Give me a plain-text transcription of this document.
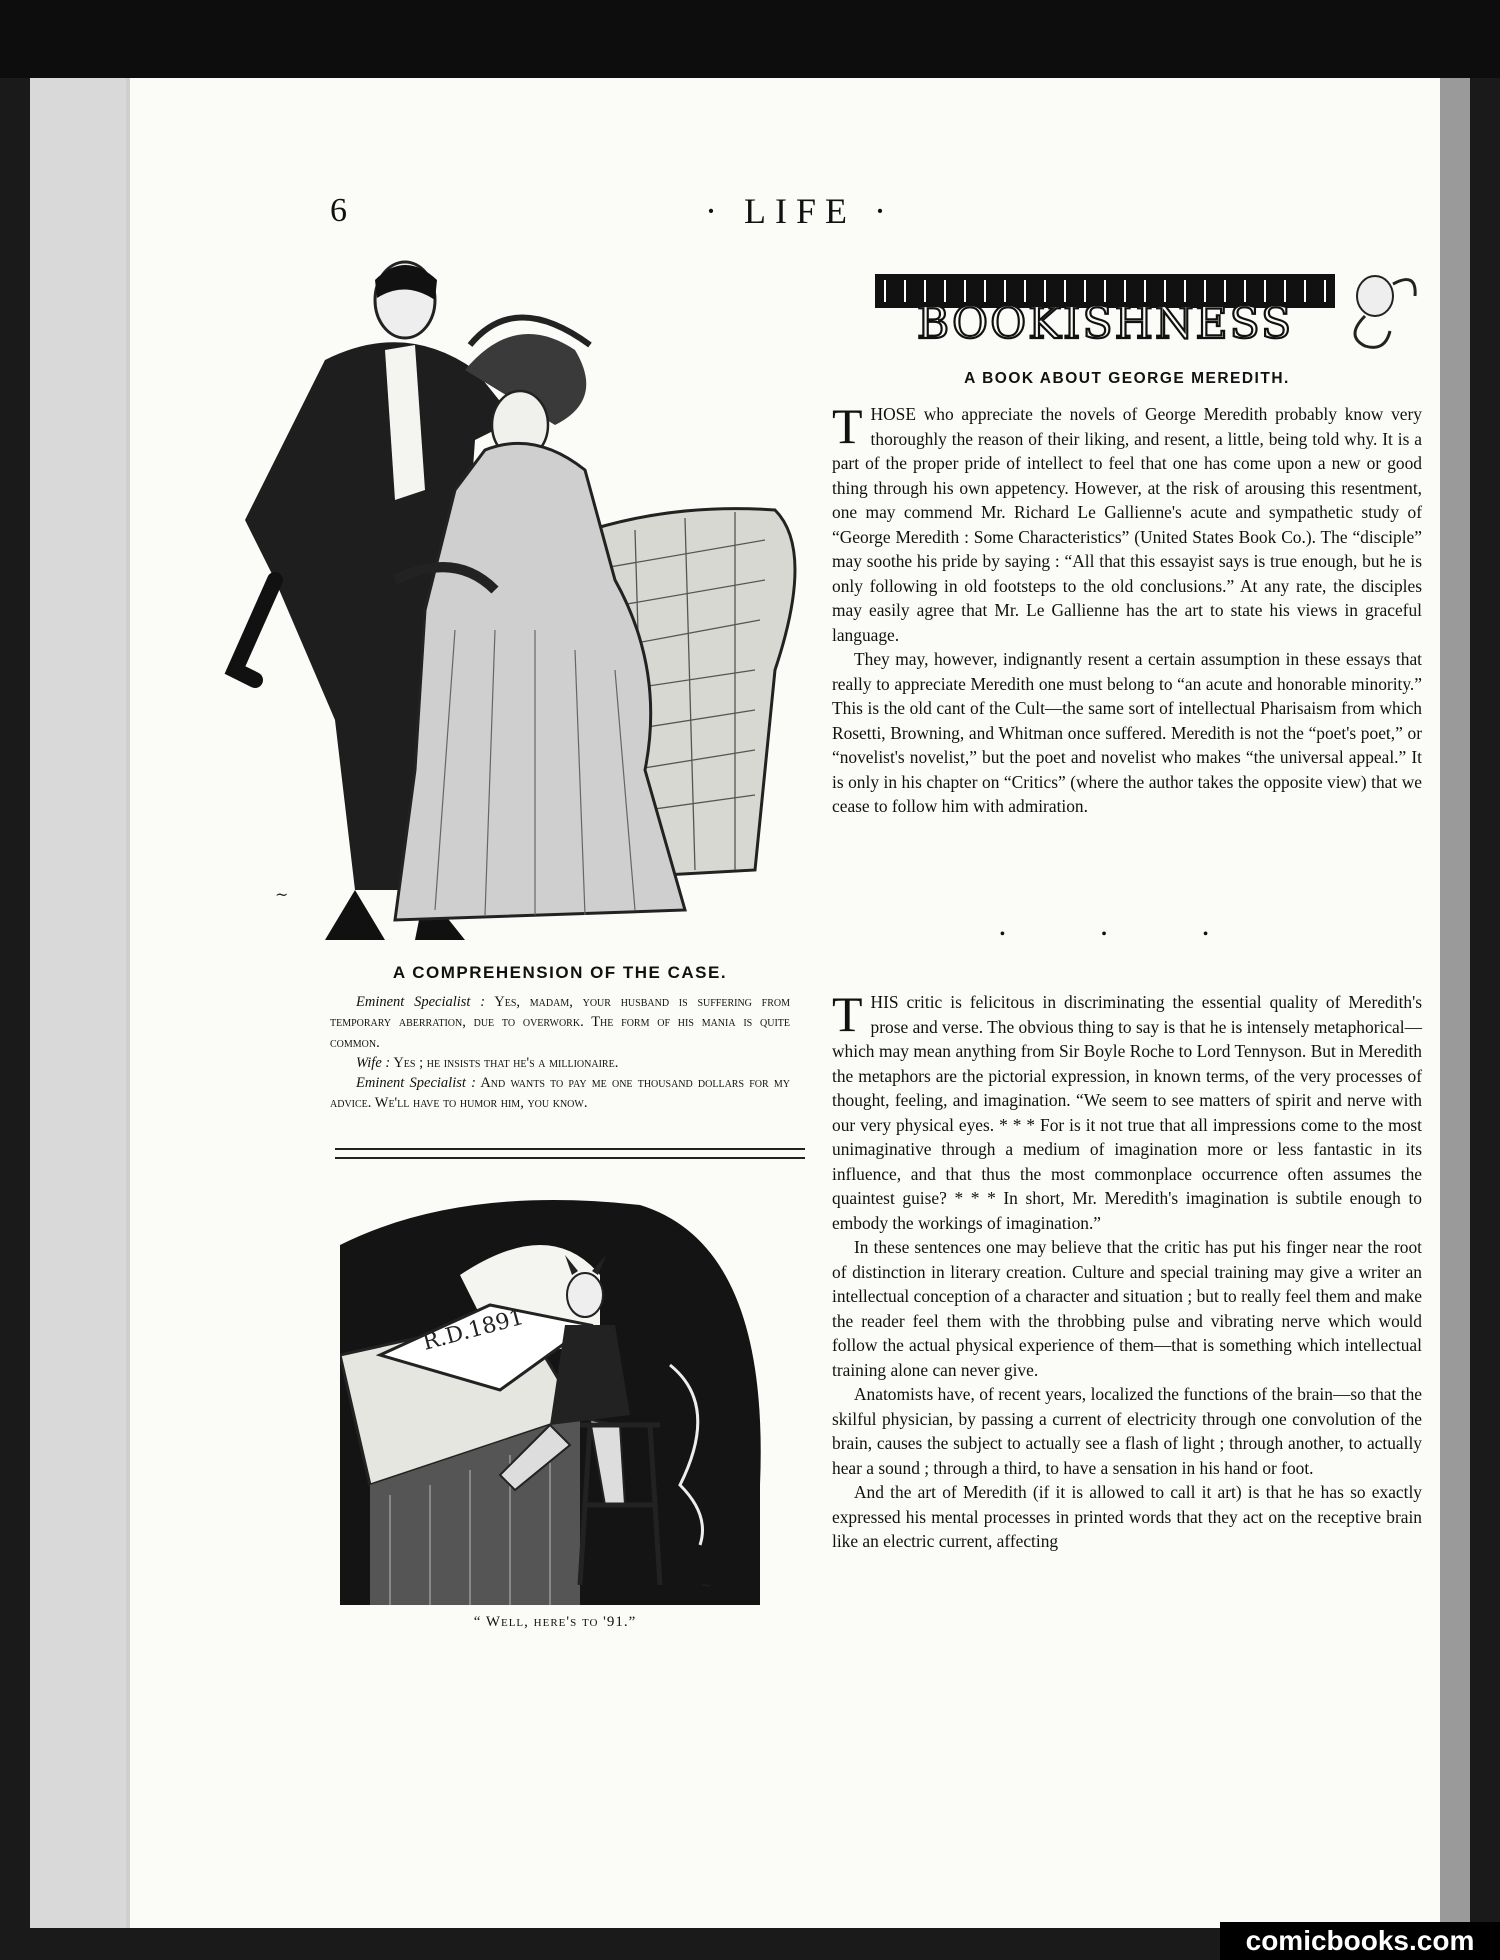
6	· LIFE ·
~
A COMPREHENSION OF THE CASE.

Eminent Specialist : Yes, madam, your husband is suffering from temporary aberration, due to overwork. The form of his mania is quite common.

Wife : Yes ; he insists that he's a millionaire.

Eminent Specialist : And wants to pay me one thousand dollars for my advice. We'll have to humor him, you know.

R.D.1891
~
“ Well, here's to '91.”
BOOKISHNESS
A BOOK ABOUT GEORGE MEREDITH.

THOSE who appreciate the novels of George Meredith probably know very thoroughly the reason of their liking, and resent, a little, being told why. It is a part of the proper pride of intellect to feel that one has come upon a new or good thing through his own appetency. However, at the risk of arousing this resentment, one may commend Mr. Richard Le Gallienne's acute and sympathetic study of “George Meredith : Some Characteristics” (United States Book Co.). The “disciple” may soothe his pride by saying : “All that this essayist says is true enough, but he is only following in old footsteps to the old conclusions.” At any rate, the disciples may easily agree that Mr. Le Gallienne has the art to state his views in graceful language.

They may, however, indignantly resent a certain assumption in these essays that really to appreciate Meredith one must belong to “an acute and honorable minority.” This is the old cant of the Cult—the same sort of intellectual Pharisaism from which Rosetti, Browning, and Whitman once suffered. Meredith is not the “poet's poet,” or “novelist's novelist,” but the poet and novelist who makes “the universal appeal.” It is only in his chapter on “Critics” (where the author takes the opposite view) that we cease to follow him with admiration.

• • •

THIS critic is felicitous in discriminating the essential quality of Meredith's prose and verse. The obvious thing to say is that he is intensely metaphorical—which may mean anything from Sir Boyle Roche to Lord Tennyson. But in Meredith the metaphors are the pictorial expression, in known terms, of the very processes of thought, feeling, and imagination. “We seem to see matters of spirit and nerve with our very physical eyes. * * * For is it not true that all impressions come to the most unimaginative through a medium of imagination more or less fantastic in its influence, and that thus the most commonplace occurrence often assumes the quaintest guise? * * * In short, Mr. Meredith's imagination is subtile enough to embody the workings of imagination.”

In these sentences one may believe that the critic has put his finger near the root of distinction in literary creation. Culture and special training may give a writer an intellectual conception of a character and situation ; but to really feel them and make the reader feel them with the throbbing pulse and vibrating nerve which would follow the actual physical experience of them—that is something which intellectual training alone can never give.

Anatomists have, of recent years, localized the functions of the brain—so that the skilful physician, by passing a current of electricity through one convolution of the brain, causes the subject to actually see a flash of light ; through another, to actually hear a sound ; through a third, to have a sensation in his hand or foot.

And the art of Meredith (if it is allowed to call it art) is that he has so exactly expressed his mental processes in printed words that they act on the receptive brain like an electric current, affecting

comicbooks.com
